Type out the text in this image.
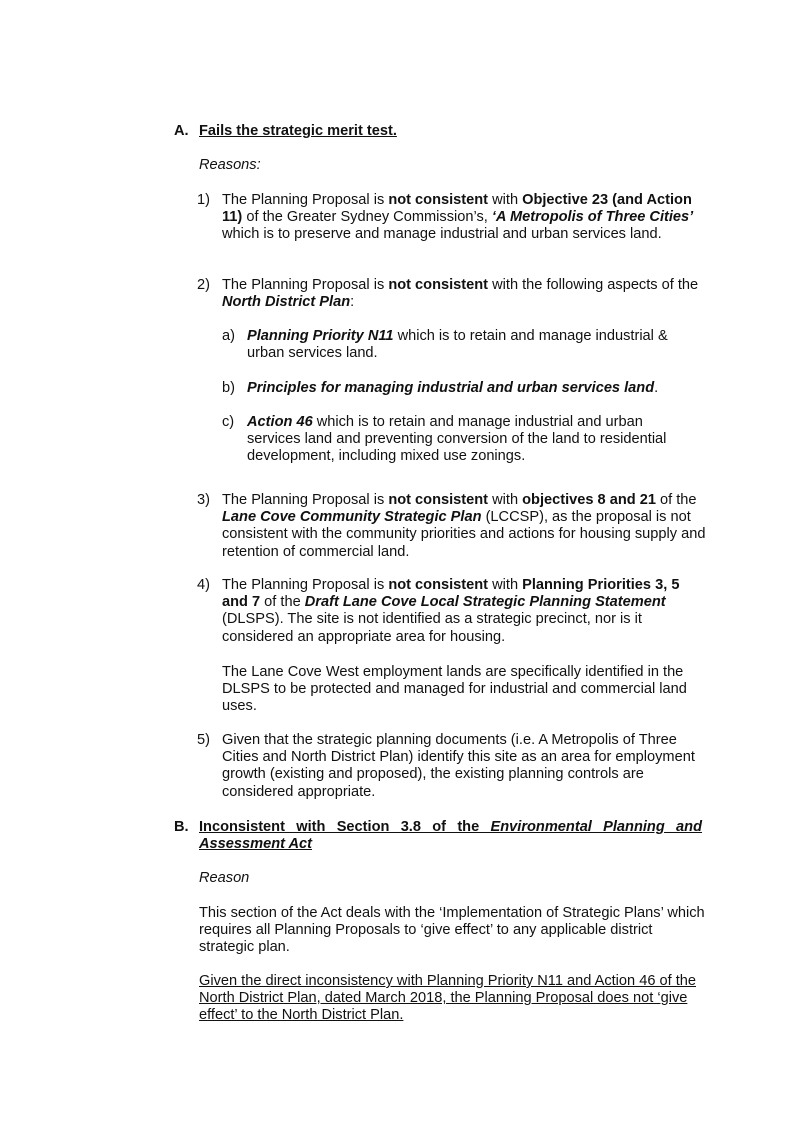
A. Fails the strategic merit test.
Reasons:
1) The Planning Proposal is not consistent with Objective 23 (and Action 11) of the Greater Sydney Commission’s, ‘A Metropolis of Three Cities’ which is to preserve and manage industrial and urban services land.
2) The Planning Proposal is not consistent with the following aspects of the North District Plan:
a) Planning Priority N11 which is to retain and manage industrial & urban services land.
b) Principles for managing industrial and urban services land.
c) Action 46 which is to retain and manage industrial and urban services land and preventing conversion of the land to residential development, including mixed use zonings.
3) The Planning Proposal is not consistent with objectives 8 and 21 of the Lane Cove Community Strategic Plan (LCCSP), as the proposal is not consistent with the community priorities and actions for housing supply and retention of commercial land.
4) The Planning Proposal is not consistent with Planning Priorities 3, 5 and 7 of the Draft Lane Cove Local Strategic Planning Statement (DLSPS). The site is not identified as a strategic precinct, nor is it considered an appropriate area for housing.
The Lane Cove West employment lands are specifically identified in the DLSPS to be protected and managed for industrial and commercial land uses.
5) Given that the strategic planning documents (i.e. A Metropolis of Three Cities and North District Plan) identify this site as an area for employment growth (existing and proposed), the existing planning controls are considered appropriate.
B. Inconsistent with Section 3.8 of the Environmental Planning and Assessment Act
Reason
This section of the Act deals with the ‘Implementation of Strategic Plans’ which requires all Planning Proposals to ‘give effect’ to any applicable district strategic plan.
Given the direct inconsistency with Planning Priority N11 and Action 46 of the North District Plan, dated March 2018, the Planning Proposal does not ‘give effect’ to the North District Plan.
